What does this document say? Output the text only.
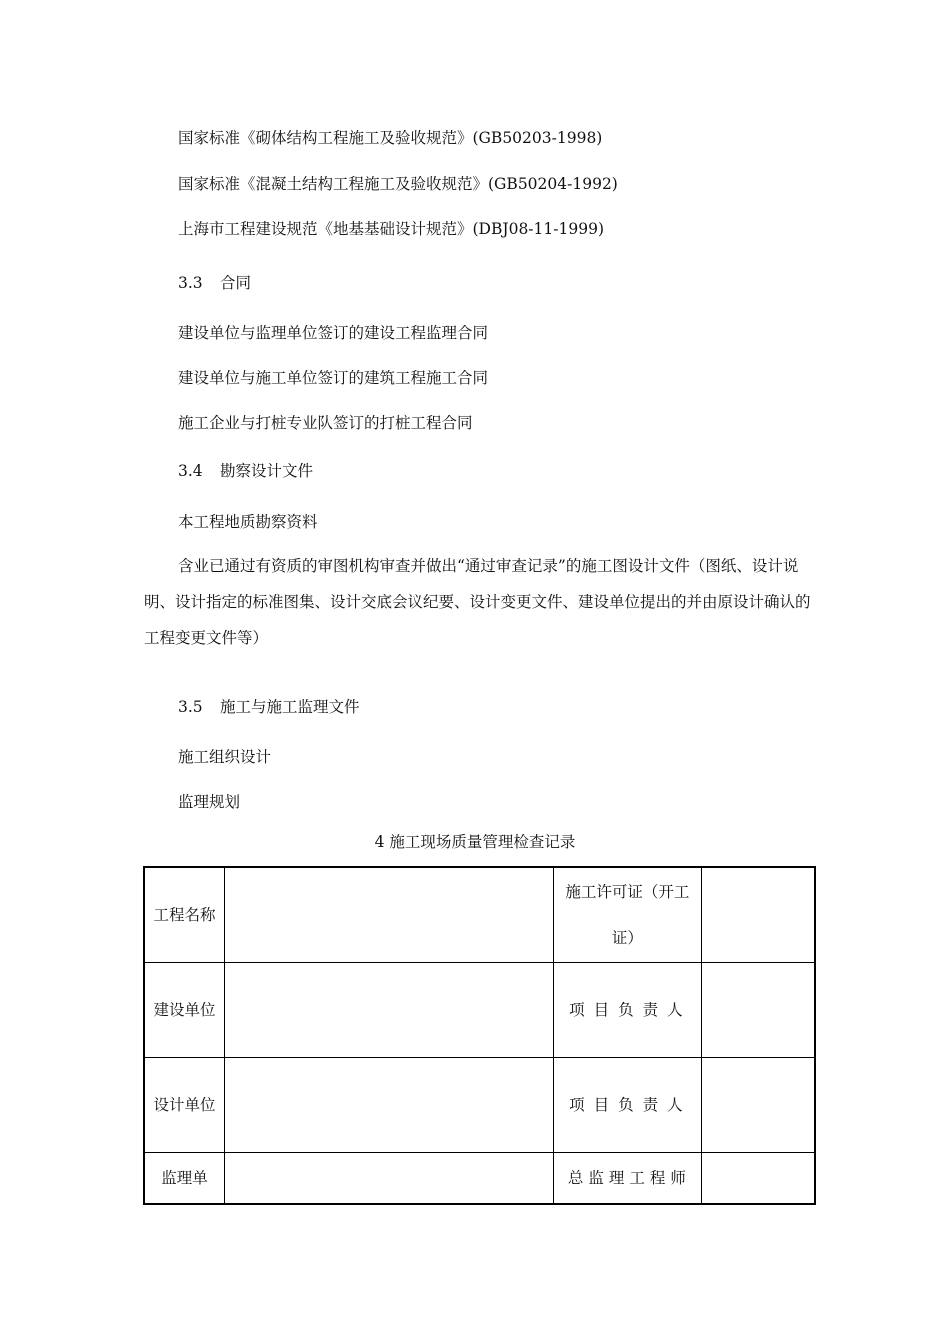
国家标准《砌体结构工程施工及验收规范》(GB50203-1998)
国家标准《混凝土结构工程施工及验收规范》(GB50204-1992)
上海市工程建设规范《地基基础设计规范》(DBJ08-11-1999)
3.3 合同
建设单位与监理单位签订的建设工程监理合同
建设单位与施工单位签订的建筑工程施工合同
施工企业与打桩专业队签订的打桩工程合同
3.4 勘察设计文件
本工程地质勘察资料
含业已通过有资质的审图机构审查并做出“通过审查记录”的施工图设计文件（图纸、设计说明、设计指定的标准图集、设计交底会议纪要、设计变更文件、建设单位提出的并由原设计确认的工程变更文件等）
3.5 施工与施工监理文件
施工组织设计
监理规划
4 施工现场质量管理检查记录
工程名称		施工许可证（开工证）	
建设单位		项目负责人	
设计单位		项目负责人	
监理单		总监理工程师	
